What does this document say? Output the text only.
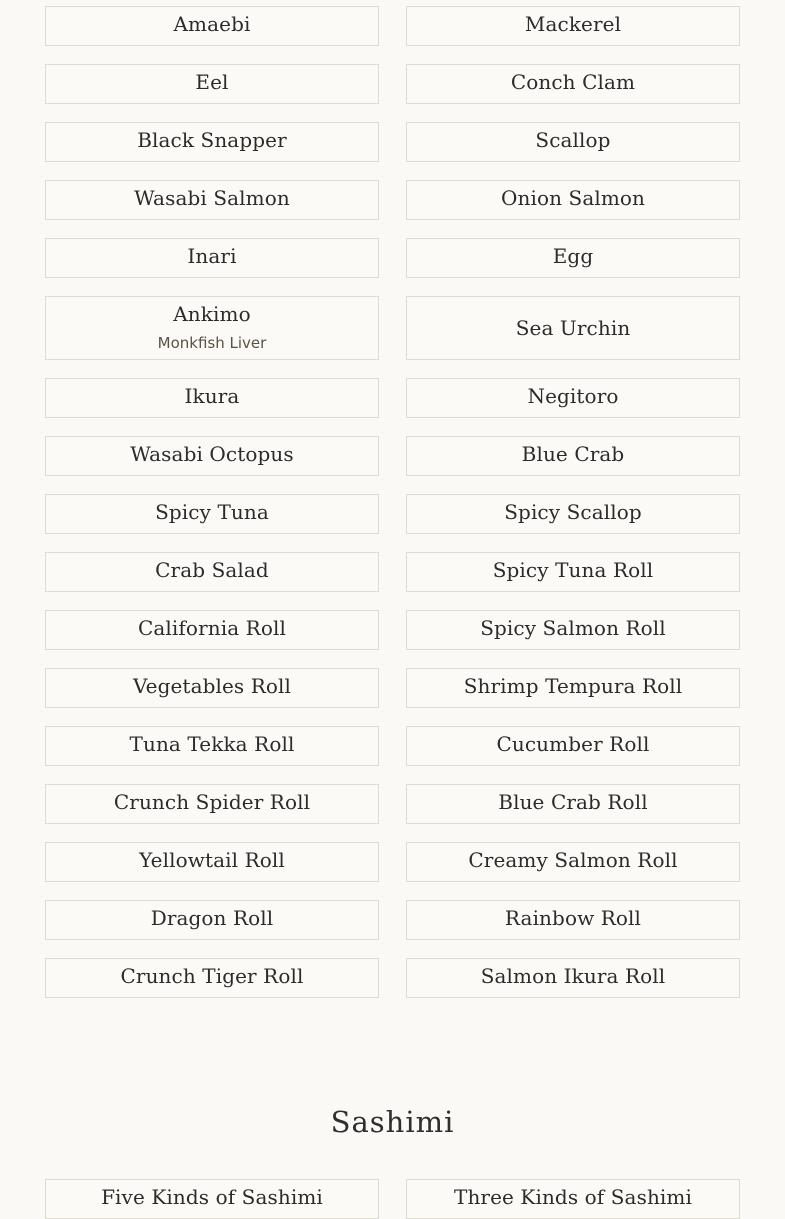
Amaebi	Mackerel
Eel	Conch Clam
Black Snapper	Scallop
Wasabi Salmon	Onion Salmon
Inari	Egg
Ankimo
Monkfish Liver
Sea Urchin
Ikura	Negitoro
Wasabi Octopus	Blue Crab
Spicy Tuna	Spicy Scallop
Crab Salad	Spicy Tuna Roll
California Roll	Spicy Salmon Roll
Vegetables Roll	Shrimp Tempura Roll
Tuna Tekka Roll	Cucumber Roll
Crunch Spider Roll	Blue Crab Roll
Yellowtail Roll	Creamy Salmon Roll
Dragon Roll	Rainbow Roll
Crunch Tiger Roll	Salmon Ikura Roll
Sashimi
Five Kinds of Sashimi	Three Kinds of Sashimi
